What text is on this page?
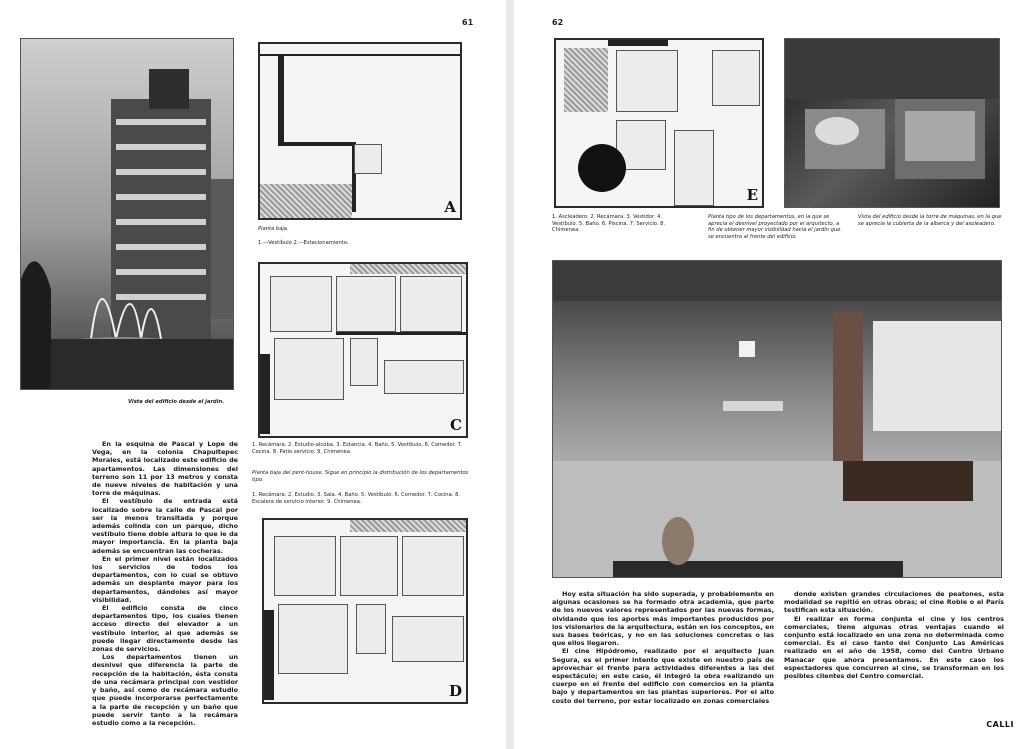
61
Vista del edificio desde el jardín.
A
Planta baja.
1.—Vestíbulo 2.—Estacionamiento.
C
1. Recámara. 2. Estudio-alcoba. 3. Estancia. 4. Baño. 5. Vestíbulo. 6. Comedor. 7. Cocina. 8. Patio servicio. 9. Chimenea.
Planta baja del pent-house. Sigue en principio la distribución de los departamentos tipo.
1. Recámara. 2. Estudio. 3. Sala. 4. Baño. 5. Vestíbulo. 6. Comedor. 7. Cocina. 8. Escalera de servicio interior. 9. Chimenea.
D

En la esquina de Pascal y Lope de Vega, en la colonia Chapultepec Morales, está localizado este edificio de apartamentos. Las dimensiones del terreno son 11 por 13 metros y consta de nueve niveles de habitación y una torre de máquinas.

El vestíbulo de entrada está localizado sobre la calle de Pascal por ser la menos transitada y porque además colinda con un parque, dicho vestíbulo tiene doble altura lo que le da mayor importancia. En la planta baja además se encuentran las cocheras.

En el primer nivel están localizados los servicios de todos los departamentos, con lo cual se obtuvo además un desplante mayor para los departamentos, dándoles así mayor visibilidad.

El edificio consta de cinco departamentos tipo, los cuales tienen acceso directo del elevador a un vestíbulo interior, al que además se puede llegar directamente desde las zonas de servicios.

Los departamentos tienen un desnivel que diferencia la parte de recepción de la habitación, ésta consta de una recámara principal con vestidor y baño, así como de recámara estudio que puede incorporarse perfectamente a la parte de recepción y un baño que puede servir tanto a la recámara estudio como a la recepción.

62
E
1. Ascleadero. 2. Recámara. 3. Vestidor. 4. Vestíbulo. 5. Baño. 6. Piscina. 7. Servicio. 8. Chimenea.
Planta tipo de los departamentos, en la que se aprecia el desnivel proyectado por el arquitecto, a fin de obtener mayor visibilidad hacia el jardín que se encuentra al frente del edificio.
Vista del edificio desde la torre de máquinas, en la que se aprecia la cubierta de la alberca y del asoleadero.

Hoy esta situación ha sido superada, y probablemente en algunas ocasiones se ha formado otra academia, que parte de los nuevos valores representados por las nuevas formas, olvidando que los aportes más importantes producidos por los visionarios de la arquitectura, están en los conceptos, en sus bases teóricas, y no en las soluciones concretas o las que ellos llegaron.

El cine Hipódromo, realizado por el arquitecto Juan Segura, es el primer intento que existe en nuestro país de aprovechar el frente para actividades diferentes a las del espectáculo; en este caso, él integró la obra realizando un cuerpo en el frente del edificio con comercios en la planta bajo y departamentos en las plantas superiores. Por el alto costo del terreno, por estar localizado en zonas comerciales

donde existen grandes circulaciones de peatones, esta modalidad se repitió en otras obras; el cine Roble o el París testifican esta situación.

El realizar en forma conjunta el cine y los centros comerciales, tiene algunas otras ventajas cuando el conjunto está localizado en una zona no determinada como comercial. Es el caso tanto del Conjunto Las Américas realizado en el año de 1958, como del Centro Urbano Manacar que ahora presentamos. En este caso los espectadores que concurren al cine, se transforman en los posibles clientes del Centro comercial.

CALLI
